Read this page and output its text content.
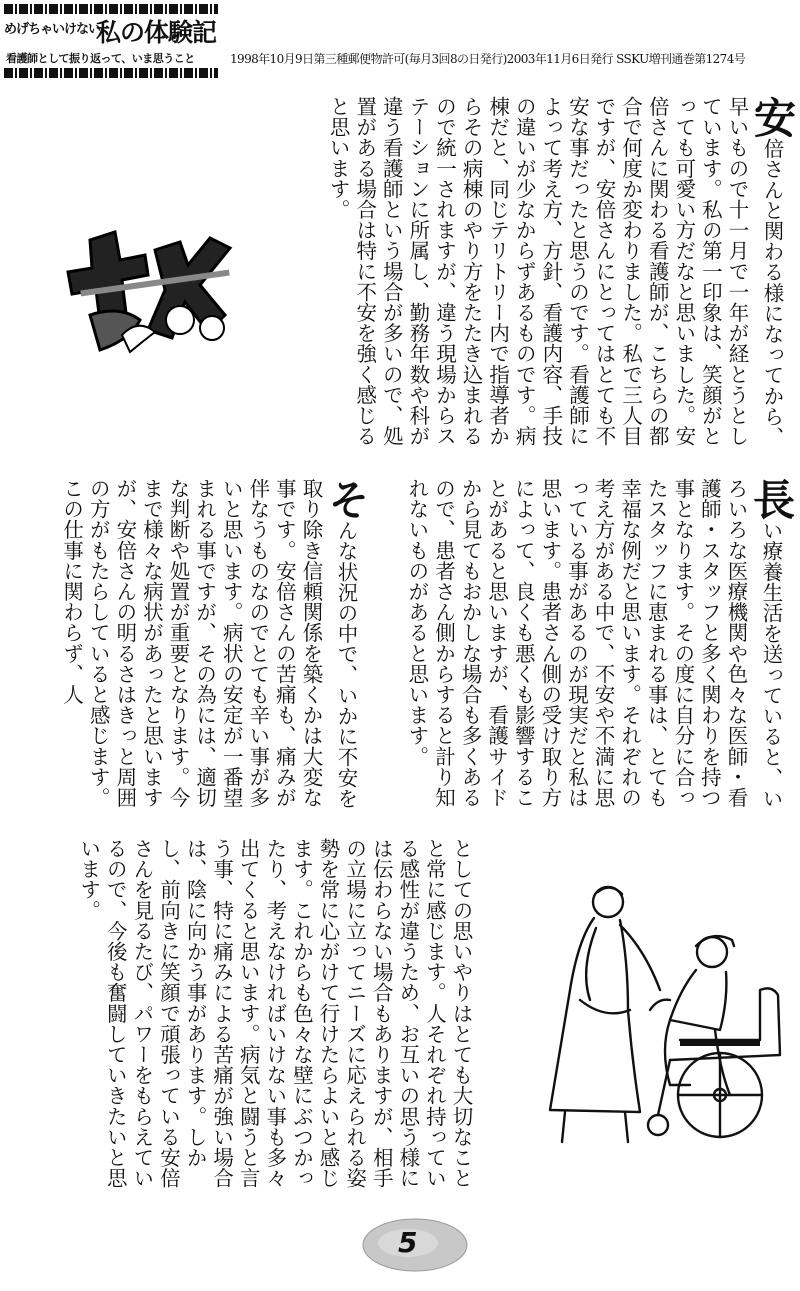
めげちゃいけない
私の体験記
看護師として振り返って、いま思うこと	1998年10月9日第三種郵便物許可(毎月3回8の日発行)2003年11月6日発行 SSKU増刊通巻第1274号
安倍さんと関わる様になってから、早いもので十一月で一年が経とうとしています。私の第一印象は、笑顔がとっても可愛い方だなと思いました。安倍さんに関わる看護師が、こちらの都合で何度か変わりました。私で三人目ですが、安倍さんにとってはとても不安な事だったと思うのです。看護師によって考え方、方針、看護内容、手技の違いが少なからずあるものです。病棟だと、同じテリトリー内で指導者からその病棟のやり方をたたき込まれるので統一されますが、違う現場からステーションに所属し、勤務年数や科が違う看護師という場合が多いので、処置がある場合は特に不安を強く感じると思います。
長い療養生活を送っていると、いろいろな医療機関や色々な医師・看護師・スタッフと多く関わりを持つ事となります。その度に自分に合ったスタッフに恵まれる事は、とても幸福な例だと思います。それぞれの考え方がある中で、不安や不満に思っている事があるのが現実だと私は思います。患者さん側の受け取り方によって、良くも悪くも影響することがあると思いますが、看護サイドから見てもおかしな場合も多くあるので、患者さん側からすると計り知れないものがあると思います。
そんな状況の中で、いかに不安を取り除き信頼関係を築くかは大変な事です。安倍さんの苦痛も、痛みが伴なうものなのでとても辛い事が多いと思います。病状の安定が一番望まれる事ですが、その為には、適切な判断や処置が重要となります。今まで様々な病状があったと思いますが、安倍さんの明るさはきっと周囲の方がもたらしていると感じます。この仕事に関わらず、人
としての思いやりはとても大切なことと常に感じます。人それぞれ持っている感性が違うため、お互いの思う様には伝わらない場合もありますが、相手の立場に立ってニーズに応えられる姿勢を常に心がけて行けたらよいと感じます。これからも色々な壁にぶつかったり、考えなければいけない事も多々出てくると思います。病気と闘うと言う事、特に痛みによる苦痛が強い場合は、陰に向かう事があります。しかし、前向きに笑顔で頑張っている安倍さんを見るたび、パワーをもらえているので、今後も奮闘していきたいと思います。	がんばって
5
